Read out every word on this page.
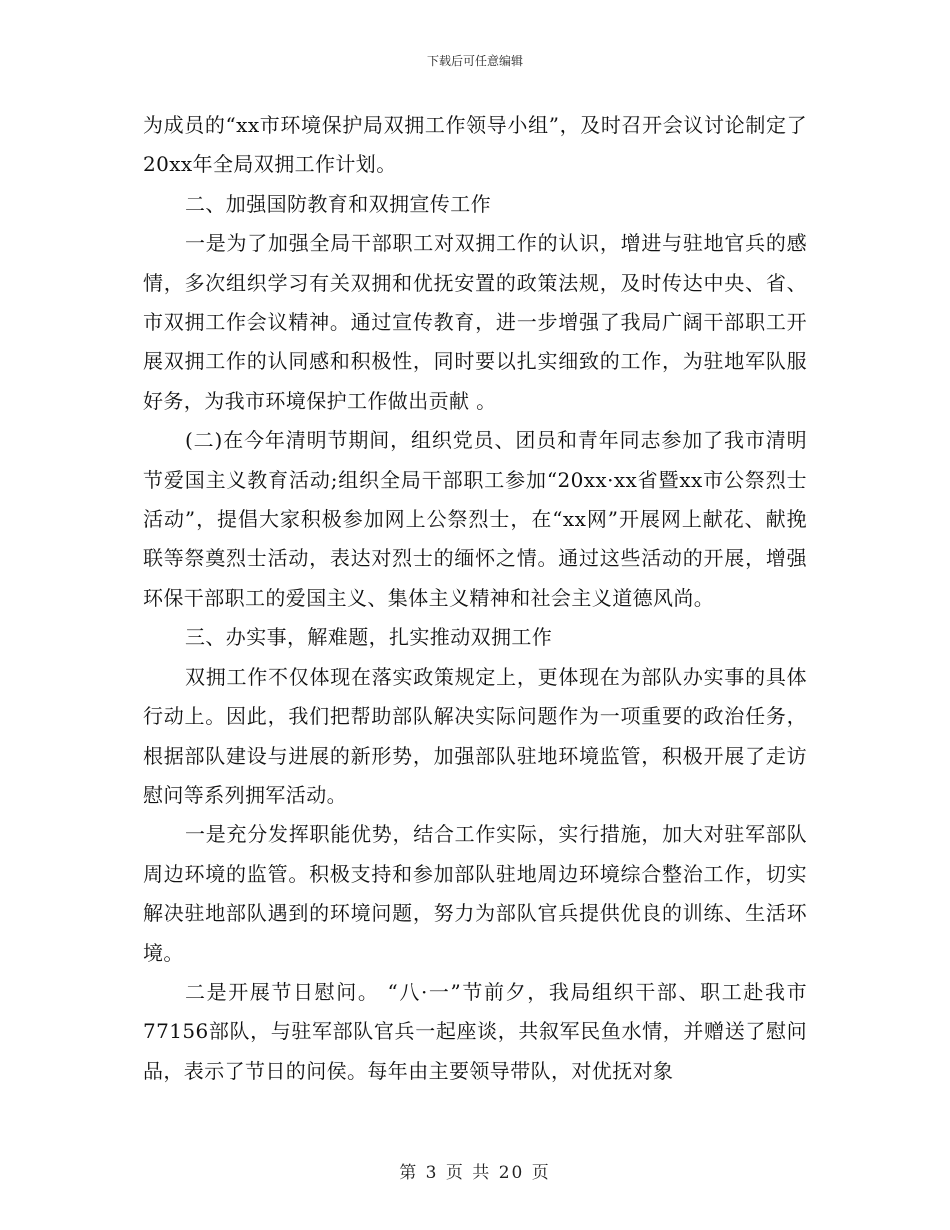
下载后可任意编辑

为成员的“xx市环境保护局双拥工作领导小组”，及时召开会议讨论制定了20xx年全局双拥工作计划。

二、加强国防教育和双拥宣传工作

一是为了加强全局干部职工对双拥工作的认识，增进与驻地官兵的感情，多次组织学习有关双拥和优抚安置的政策法规，及时传达中央、省、市双拥工作会议精神。通过宣传教育，进一步增强了我局广阔干部职工开展双拥工作的认同感和积极性，同时要以扎实细致的工作，为驻地军队服好务，为我市环境保护工作做出贡献 。

(二)在今年清明节期间，组织党员、团员和青年同志参加了我市清明节爱国主义教育活动;组织全局干部职工参加“20xx·xx省暨xx市公祭烈士活动”，提倡大家积极参加网上公祭烈士，在“xx网”开展网上献花、献挽联等祭奠烈士活动，表达对烈士的缅怀之情。通过这些活动的开展，增强环保干部职工的爱国主义、集体主义精神和社会主义道德风尚。

三、办实事，解难题，扎实推动双拥工作

双拥工作不仅体现在落实政策规定上，更体现在为部队办实事的具体行动上。因此，我们把帮助部队解决实际问题作为一项重要的政治任务，根据部队建设与进展的新形势，加强部队驻地环境监管，积极开展了走访慰问等系列拥军活动。

一是充分发挥职能优势，结合工作实际，实行措施，加大对驻军部队周边环境的监管。积极支持和参加部队驻地周边环境综合整治工作，切实解决驻地部队遇到的环境问题，努力为部队官兵提供优良的训练、生活环境。

二是开展节日慰问。 “八·一”节前夕，我局组织干部、职工赴我市77156部队，与驻军部队官兵一起座谈，共叙军民鱼水情，并赠送了慰问品，表示了节日的问侯。每年由主要领导带队，对优抚对象

第 3 页 共 20 页
